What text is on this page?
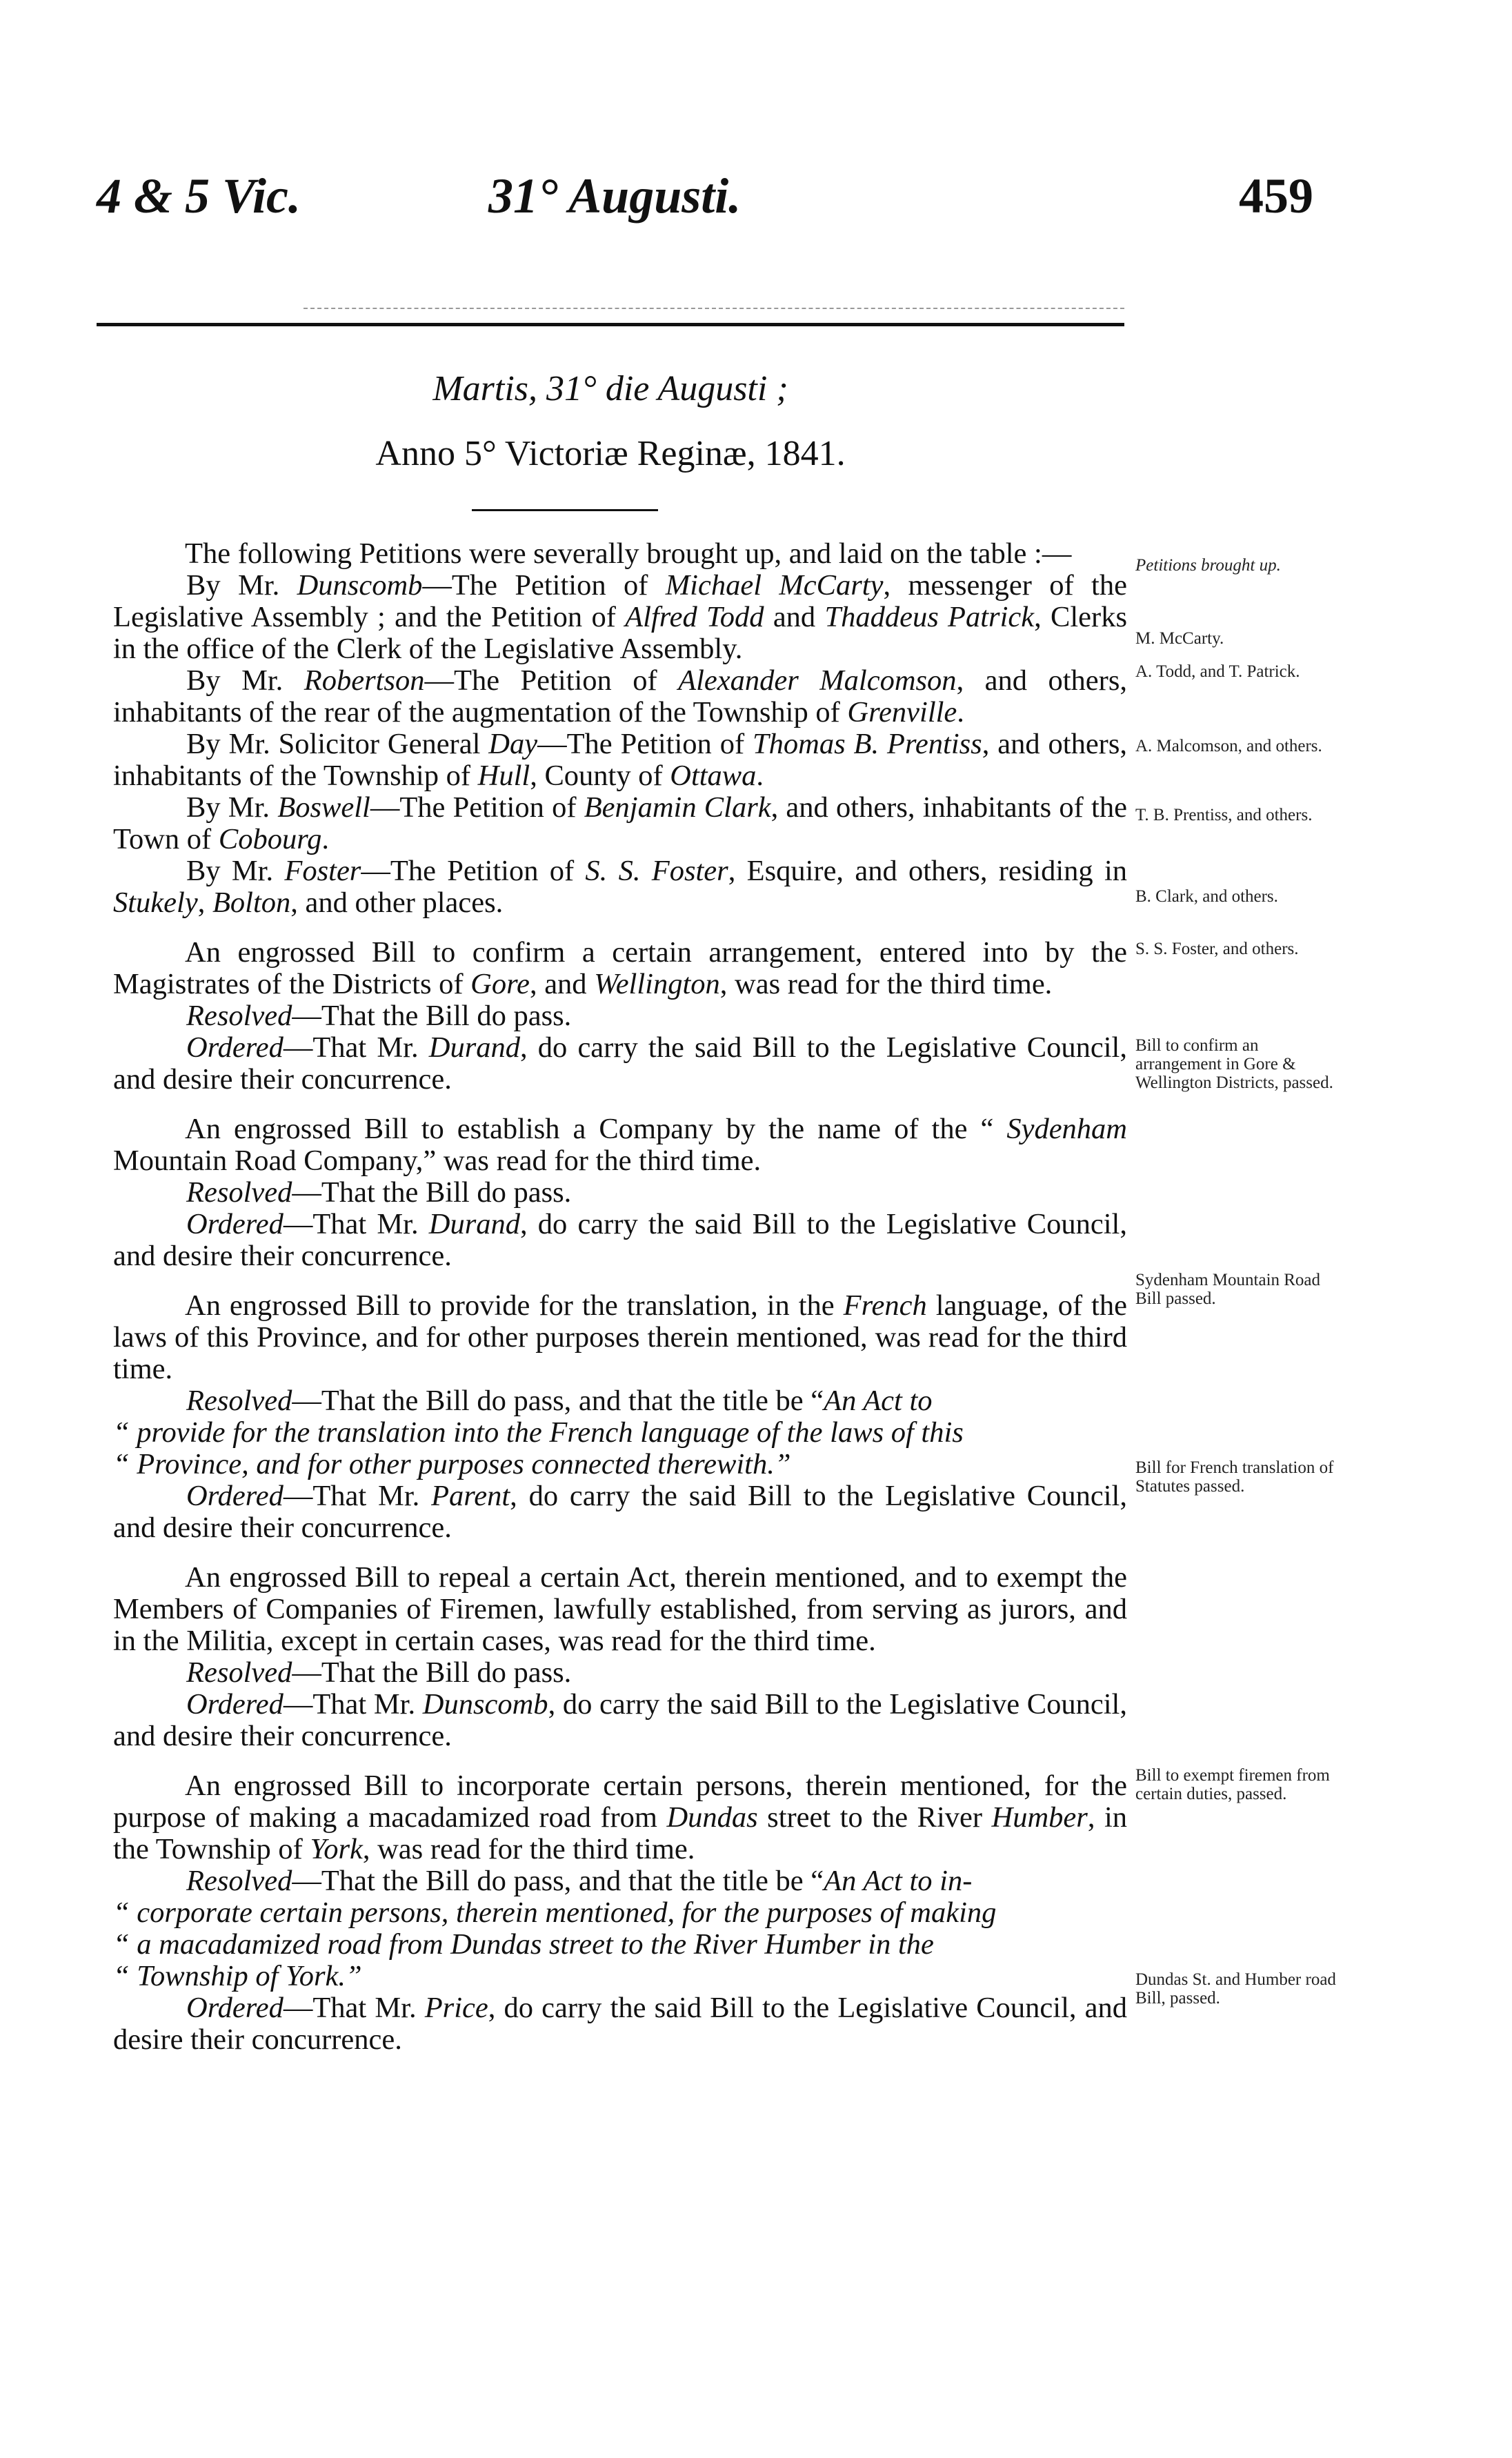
4 & 5 Vic.	31° Augusti.	459
Martis, 31° die Augusti ;
Anno 5° Victoriæ Reginæ, 1841.

The following Petitions were severally brought up, and laid on the table :—

By Mr. Dunscomb—The Petition of Michael McCarty, messenger of the Legislative Assembly ; and the Petition of Alfred Todd and Thaddeus Patrick, Clerks in the office of the Clerk of the Legislative Assembly.

By Mr. Robertson—The Petition of Alexander Malcomson, and others, inhabitants of the rear of the augmentation of the Township of Grenville.

By Mr. Solicitor General Day—The Petition of Thomas B. Prentiss, and others, inhabitants of the Township of Hull, County of Ottawa.

By Mr. Boswell—The Petition of Benjamin Clark, and others, inhabitants of the Town of Cobourg.

By Mr. Foster—The Petition of S. S. Foster, Esquire, and others, residing in Stukely, Bolton, and other places.

An engrossed Bill to confirm a certain arrangement, entered into by the Magistrates of the Districts of Gore, and Wellington, was read for the third time.

Resolved—That the Bill do pass.

Ordered—That Mr. Durand, do carry the said Bill to the Legislative Council, and desire their concurrence.

An engrossed Bill to establish a Company by the name of the “ Sydenham Mountain Road Company,” was read for the third time.

Resolved—That the Bill do pass.

Ordered—That Mr. Durand, do carry the said Bill to the Legislative Council, and desire their concurrence.

An engrossed Bill to provide for the translation, in the French language, of the laws of this Province, and for other purposes therein mentioned, was read for the third time.

Resolved—That the Bill do pass, and that the title be “An Act to

“ provide for the translation into the French language of the laws of this

“ Province, and for other purposes connected therewith.”

Ordered—That Mr. Parent, do carry the said Bill to the Legislative Council, and desire their concurrence.

An engrossed Bill to repeal a certain Act, therein mentioned, and to exempt the Members of Companies of Firemen, lawfully established, from serving as jurors, and in the Militia, except in certain cases, was read for the third time.

Resolved—That the Bill do pass.

Ordered—That Mr. Dunscomb, do carry the said Bill to the Legislative Council, and desire their concurrence.

An engrossed Bill to incorporate certain persons, therein mentioned, for the purpose of making a macadamized road from Dundas street to the River Humber, in the Township of York, was read for the third time.

Resolved—That the Bill do pass, and that the title be “An Act to in-

“ corporate certain persons, therein mentioned, for the purposes of making

“ a macadamized road from Dundas street to the River Humber in the

“ Township of York.”

Ordered—That Mr. Price, do carry the said Bill to the Legislative Council, and desire their concurrence.

Petitions brought up.
M. McCarty.
A. Todd, and T. Patrick.
A. Malcomson, and others.
T. B. Prentiss, and others.
B. Clark, and others.
S. S. Foster, and others.
Bill to confirm an arrangement in Gore & Wellington Districts, passed.
Sydenham Mountain Road Bill passed.
Bill for French translation of Statutes passed.
Bill to exempt firemen from certain duties, passed.
Dundas St. and Humber road Bill, passed.
